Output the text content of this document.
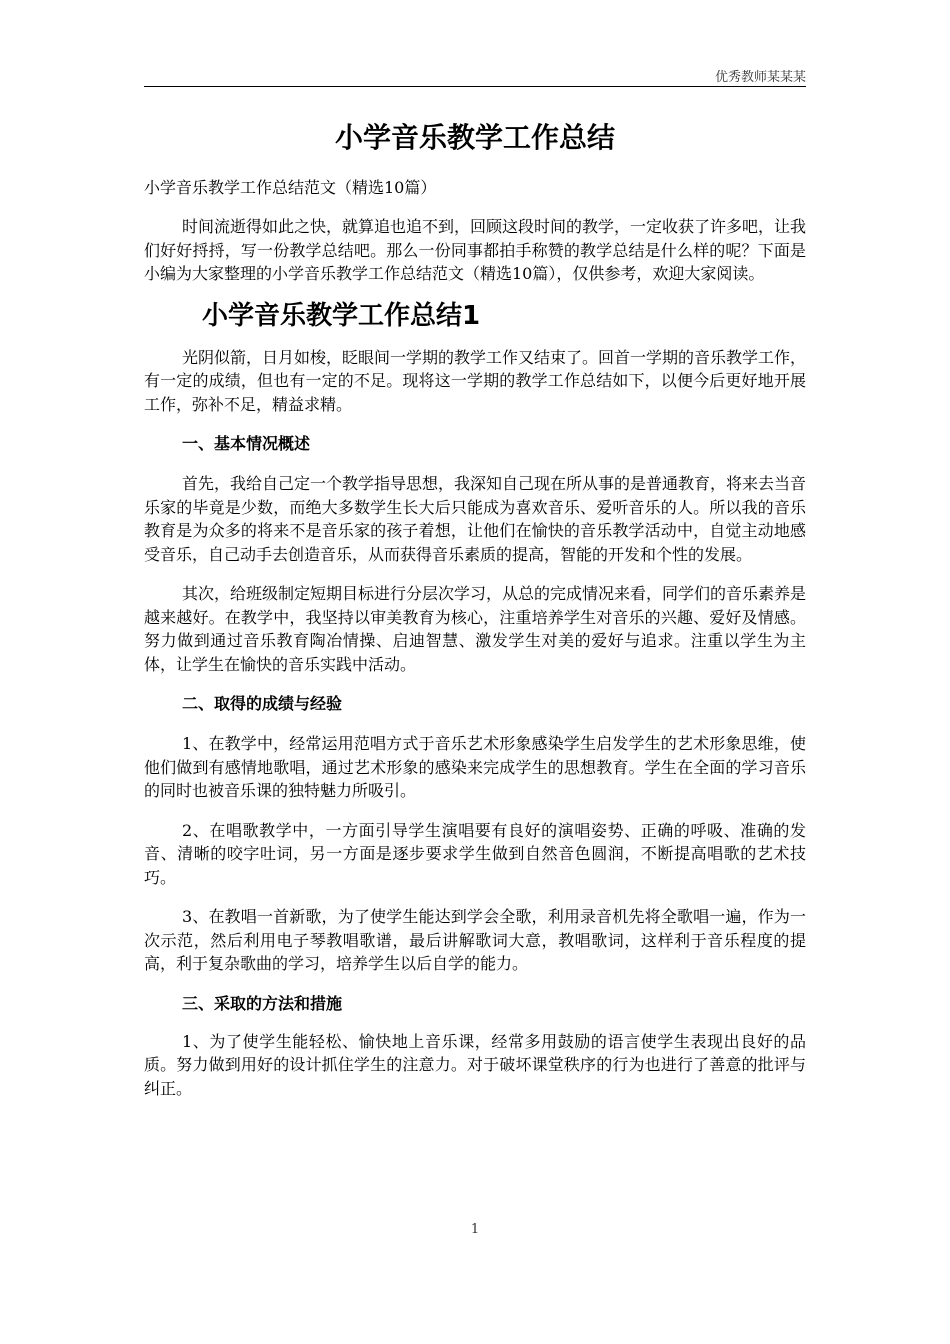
优秀教师某某某
小学音乐教学工作总结
小学音乐教学工作总结范文（精选10篇）

时间流逝得如此之快，就算追也追不到，回顾这段时间的教学，一定收获了许多吧，让我们好好捋捋，写一份教学总结吧。那么一份同事都拍手称赞的教学总结是什么样的呢？下面是小编为大家整理的小学音乐教学工作总结范文（精选10篇），仅供参考，欢迎大家阅读。

小学音乐教学工作总结1

光阴似箭，日月如梭，眨眼间一学期的教学工作又结束了。回首一学期的音乐教学工作，有一定的成绩，但也有一定的不足。现将这一学期的教学工作总结如下，以便今后更好地开展工作，弥补不足，精益求精。

一、基本情况概述

首先，我给自己定一个教学指导思想，我深知自己现在所从事的是普通教育，将来去当音乐家的毕竟是少数，而绝大多数学生长大后只能成为喜欢音乐、爱听音乐的人。所以我的音乐教育是为众多的将来不是音乐家的孩子着想，让他们在愉快的音乐教学活动中，自觉主动地感受音乐，自己动手去创造音乐，从而获得音乐素质的提高，智能的开发和个性的发展。

其次，给班级制定短期目标进行分层次学习，从总的完成情况来看，同学们的音乐素养是越来越好。在教学中，我坚持以审美教育为核心，注重培养学生对音乐的兴趣、爱好及情感。努力做到通过音乐教育陶冶情操、启迪智慧、激发学生对美的爱好与追求。注重以学生为主体，让学生在愉快的音乐实践中活动。

二、取得的成绩与经验

1、在教学中，经常运用范唱方式于音乐艺术形象感染学生启发学生的艺术形象思维，使他们做到有感情地歌唱，通过艺术形象的感染来完成学生的思想教育。学生在全面的学习音乐的同时也被音乐课的独特魅力所吸引。

2、在唱歌教学中，一方面引导学生演唱要有良好的演唱姿势、正确的呼吸、准确的发音、清晰的咬字吐词，另一方面是逐步要求学生做到自然音色圆润，不断提高唱歌的艺术技巧。

3、在教唱一首新歌，为了使学生能达到学会全歌，利用录音机先将全歌唱一遍，作为一次示范，然后利用电子琴教唱歌谱，最后讲解歌词大意，教唱歌词，这样利于音乐程度的提高，利于复杂歌曲的学习，培养学生以后自学的能力。

三、采取的方法和措施

1、为了使学生能轻松、愉快地上音乐课，经常多用鼓励的语言使学生表现出良好的品质。努力做到用好的设计抓住学生的注意力。对于破坏课堂秩序的行为也进行了善意的批评与纠正。

1
